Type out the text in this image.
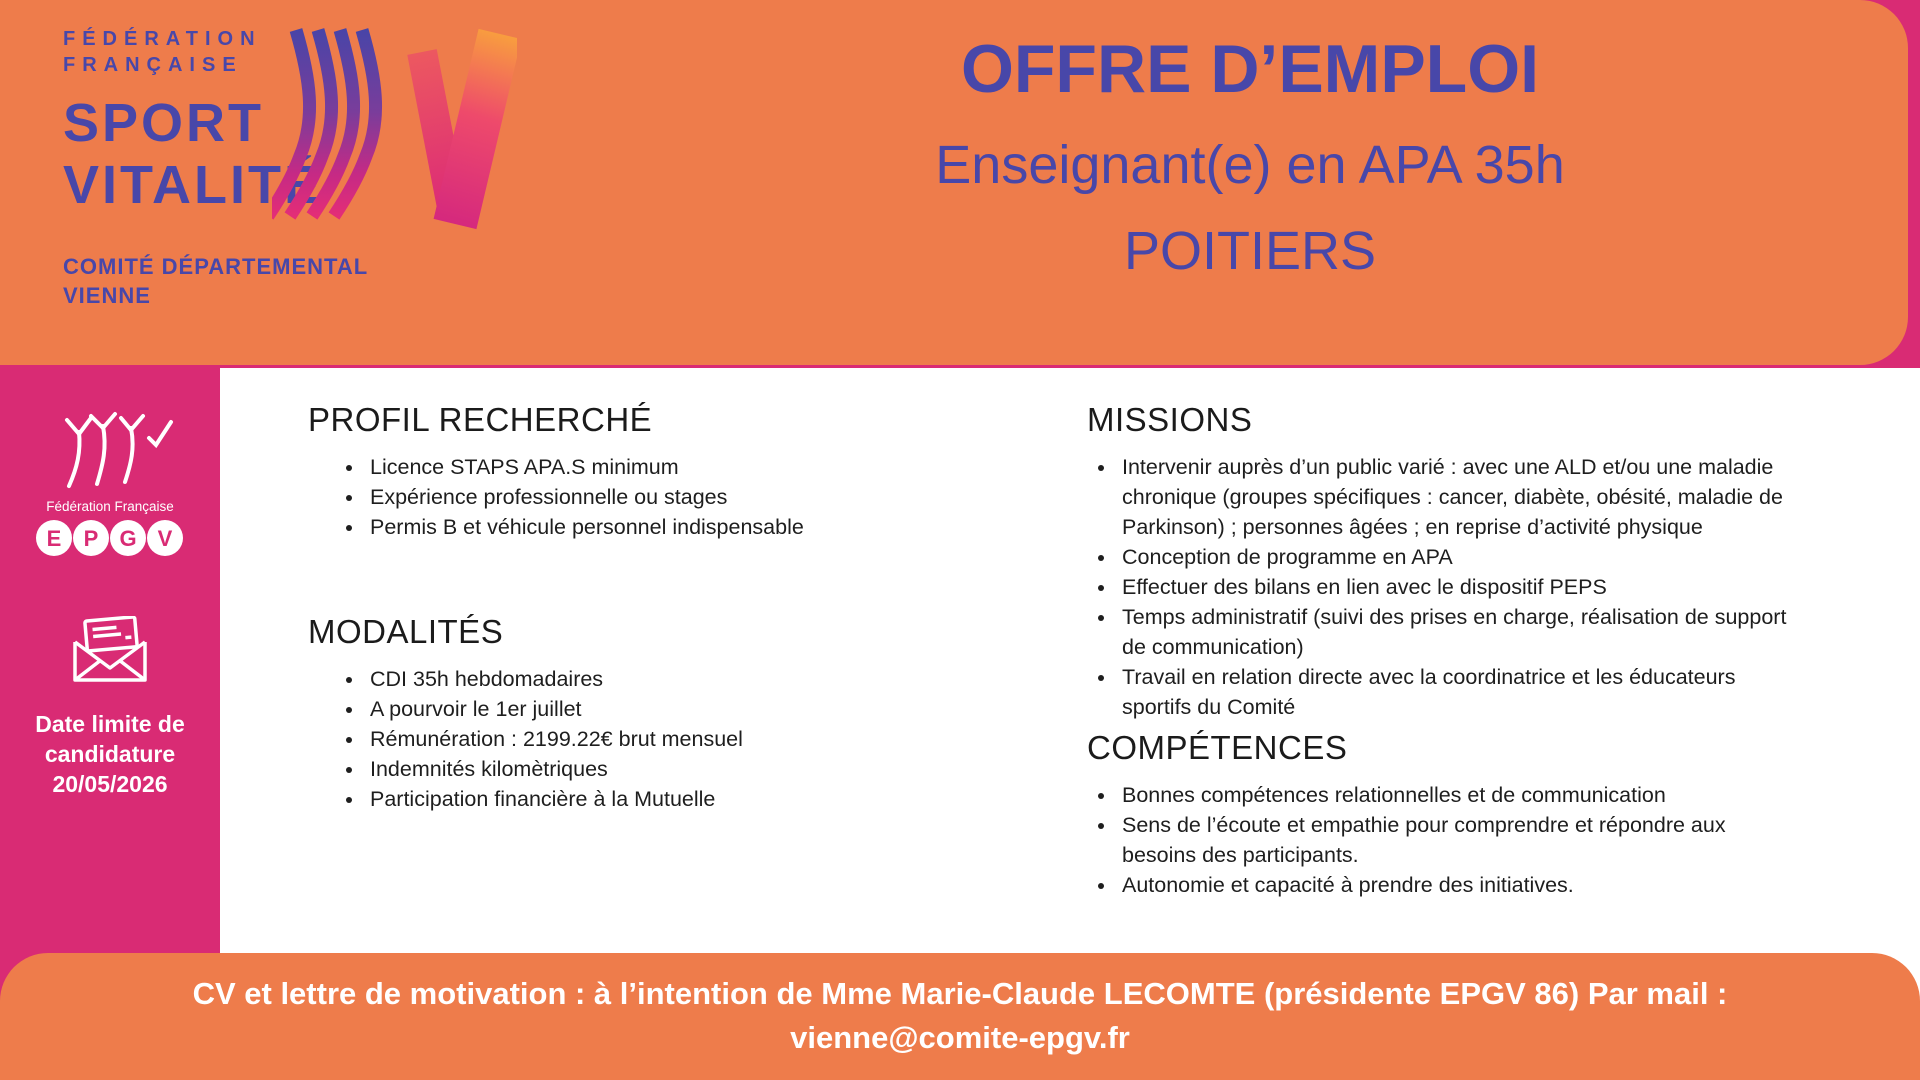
FÉDÉRATION
FRANÇAISE
SPORT
VITALITÉ
COMITÉ DÉPARTEMENTAL
VIENNE
OFFRE D’EMPLOI
Enseignant(e) en APA 35h
POITIERS
Fédération Française
E P G V
Date limite de
candidature
20/05/2026
PROFIL RECHERCHÉ
• Licence STAPS APA.S minimum
• Expérience professionnelle ou stages
• Permis B et véhicule personnel indispensable
MODALITÉS
• CDI 35h hebdomadaires
• A pourvoir le 1er juillet
• Rémunération : 2199.22€ brut mensuel
• Indemnités kilomètriques
• Participation financière à la Mutuelle
MISSIONS
• Intervenir auprès d’un public varié : avec une ALD et/ou une maladie chronique (groupes spécifiques : cancer, diabète, obésité, maladie de Parkinson) ; personnes âgées ; en reprise d’activité physique
• Conception de programme en APA
• Effectuer des bilans en lien avec le dispositif PEPS
• Temps administratif (suivi des prises en charge, réalisation de support de communication)
• Travail en relation directe avec la coordinatrice et les éducateurs sportifs du Comité
COMPÉTENCES
• Bonnes compétences relationnelles et de communication
• Sens de l’écoute et empathie pour comprendre et répondre aux besoins des participants.
• Autonomie et capacité à prendre des initiatives.
CV et lettre de motivation : à l’intention de Mme Marie-Claude LECOMTE (présidente EPGV 86) Par mail :
vienne@comite-epgv.fr
